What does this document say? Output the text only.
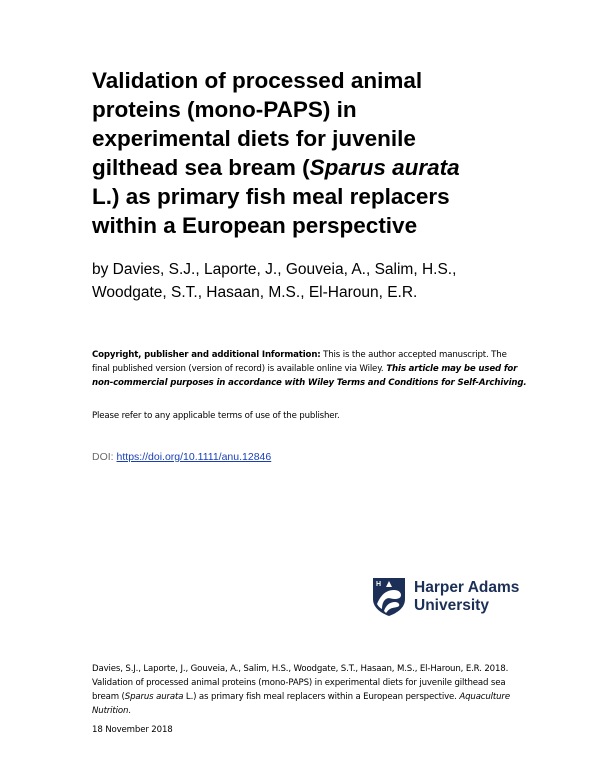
Validation of processed animal
proteins (mono-PAPS) in
experimental diets for juvenile
gilthead sea bream (Sparus aurata
L.) as primary fish meal replacers
within a European perspective

by Davies, S.J., Laporte, J., Gouveia, A., Salim, H.S.,
Woodgate, S.T., Hasaan, M.S., El-Haroun, E.R.

Copyright, publisher and additional Information: This is the author accepted manuscript. The
final published version (version of record) is available online via Wiley. This article may be used for
non-commercial purposes in accordance with Wiley Terms and Conditions for Self-Archiving.

Please refer to any applicable terms of use of the publisher.

DOI: https://doi.org/10.1111/anu.12846

H Harper Adams
University

Davies, S.J., Laporte, J., Gouveia, A., Salim, H.S., Woodgate, S.T., Hasaan, M.S., El-Haroun, E.R. 2018.
Validation of processed animal proteins (mono-PAPS) in experimental diets for juvenile gilthead sea
bream (Sparus aurata L.) as primary fish meal replacers within a European perspective. Aquaculture
Nutrition.

18 November 2018
